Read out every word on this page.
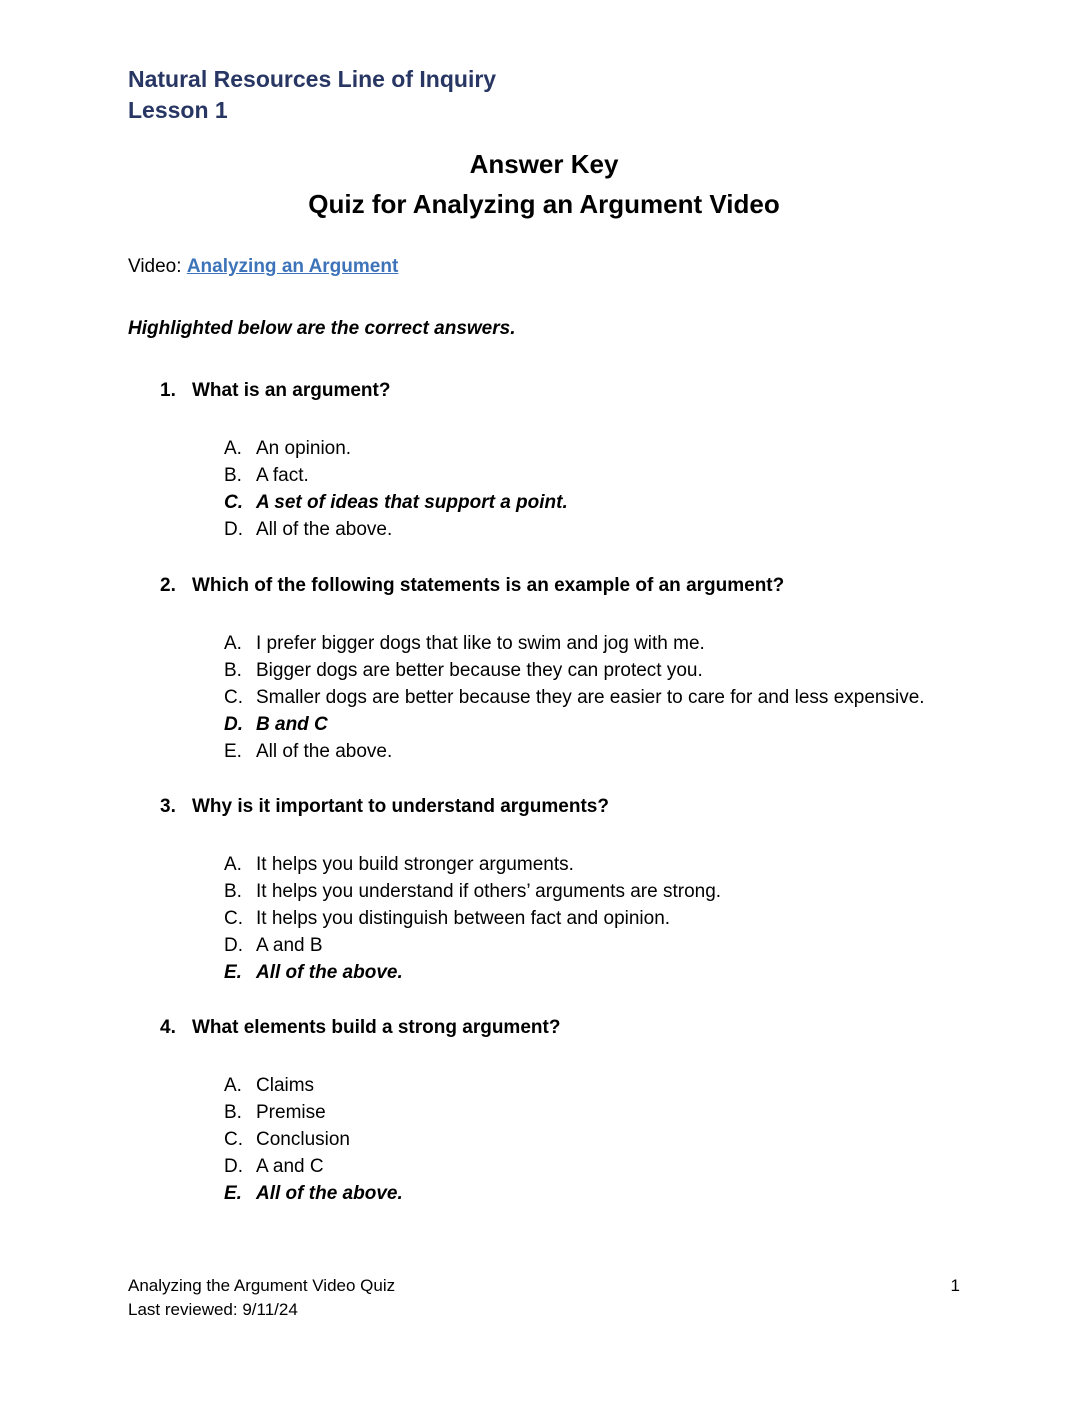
Natural Resources Line of Inquiry
Lesson 1
Answer Key
Quiz for Analyzing an Argument Video
Video: Analyzing an Argument
Highlighted below are the correct answers.
1. What is an argument?
A. An opinion.
B. A fact.
C. A set of ideas that support a point.
D. All of the above.
2. Which of the following statements is an example of an argument?
A. I prefer bigger dogs that like to swim and jog with me.
B. Bigger dogs are better because they can protect you.
C. Smaller dogs are better because they are easier to care for and less expensive.
D. B and C
E. All of the above.
3. Why is it important to understand arguments?
A. It helps you build stronger arguments.
B. It helps you understand if others’ arguments are strong.
C. It helps you distinguish between fact and opinion.
D. A and B
E. All of the above.
4. What elements build a strong argument?
A. Claims
B. Premise
C. Conclusion
D. A and C
E. All of the above.
Analyzing the Argument Video Quiz
Last reviewed: 9/11/24
1
